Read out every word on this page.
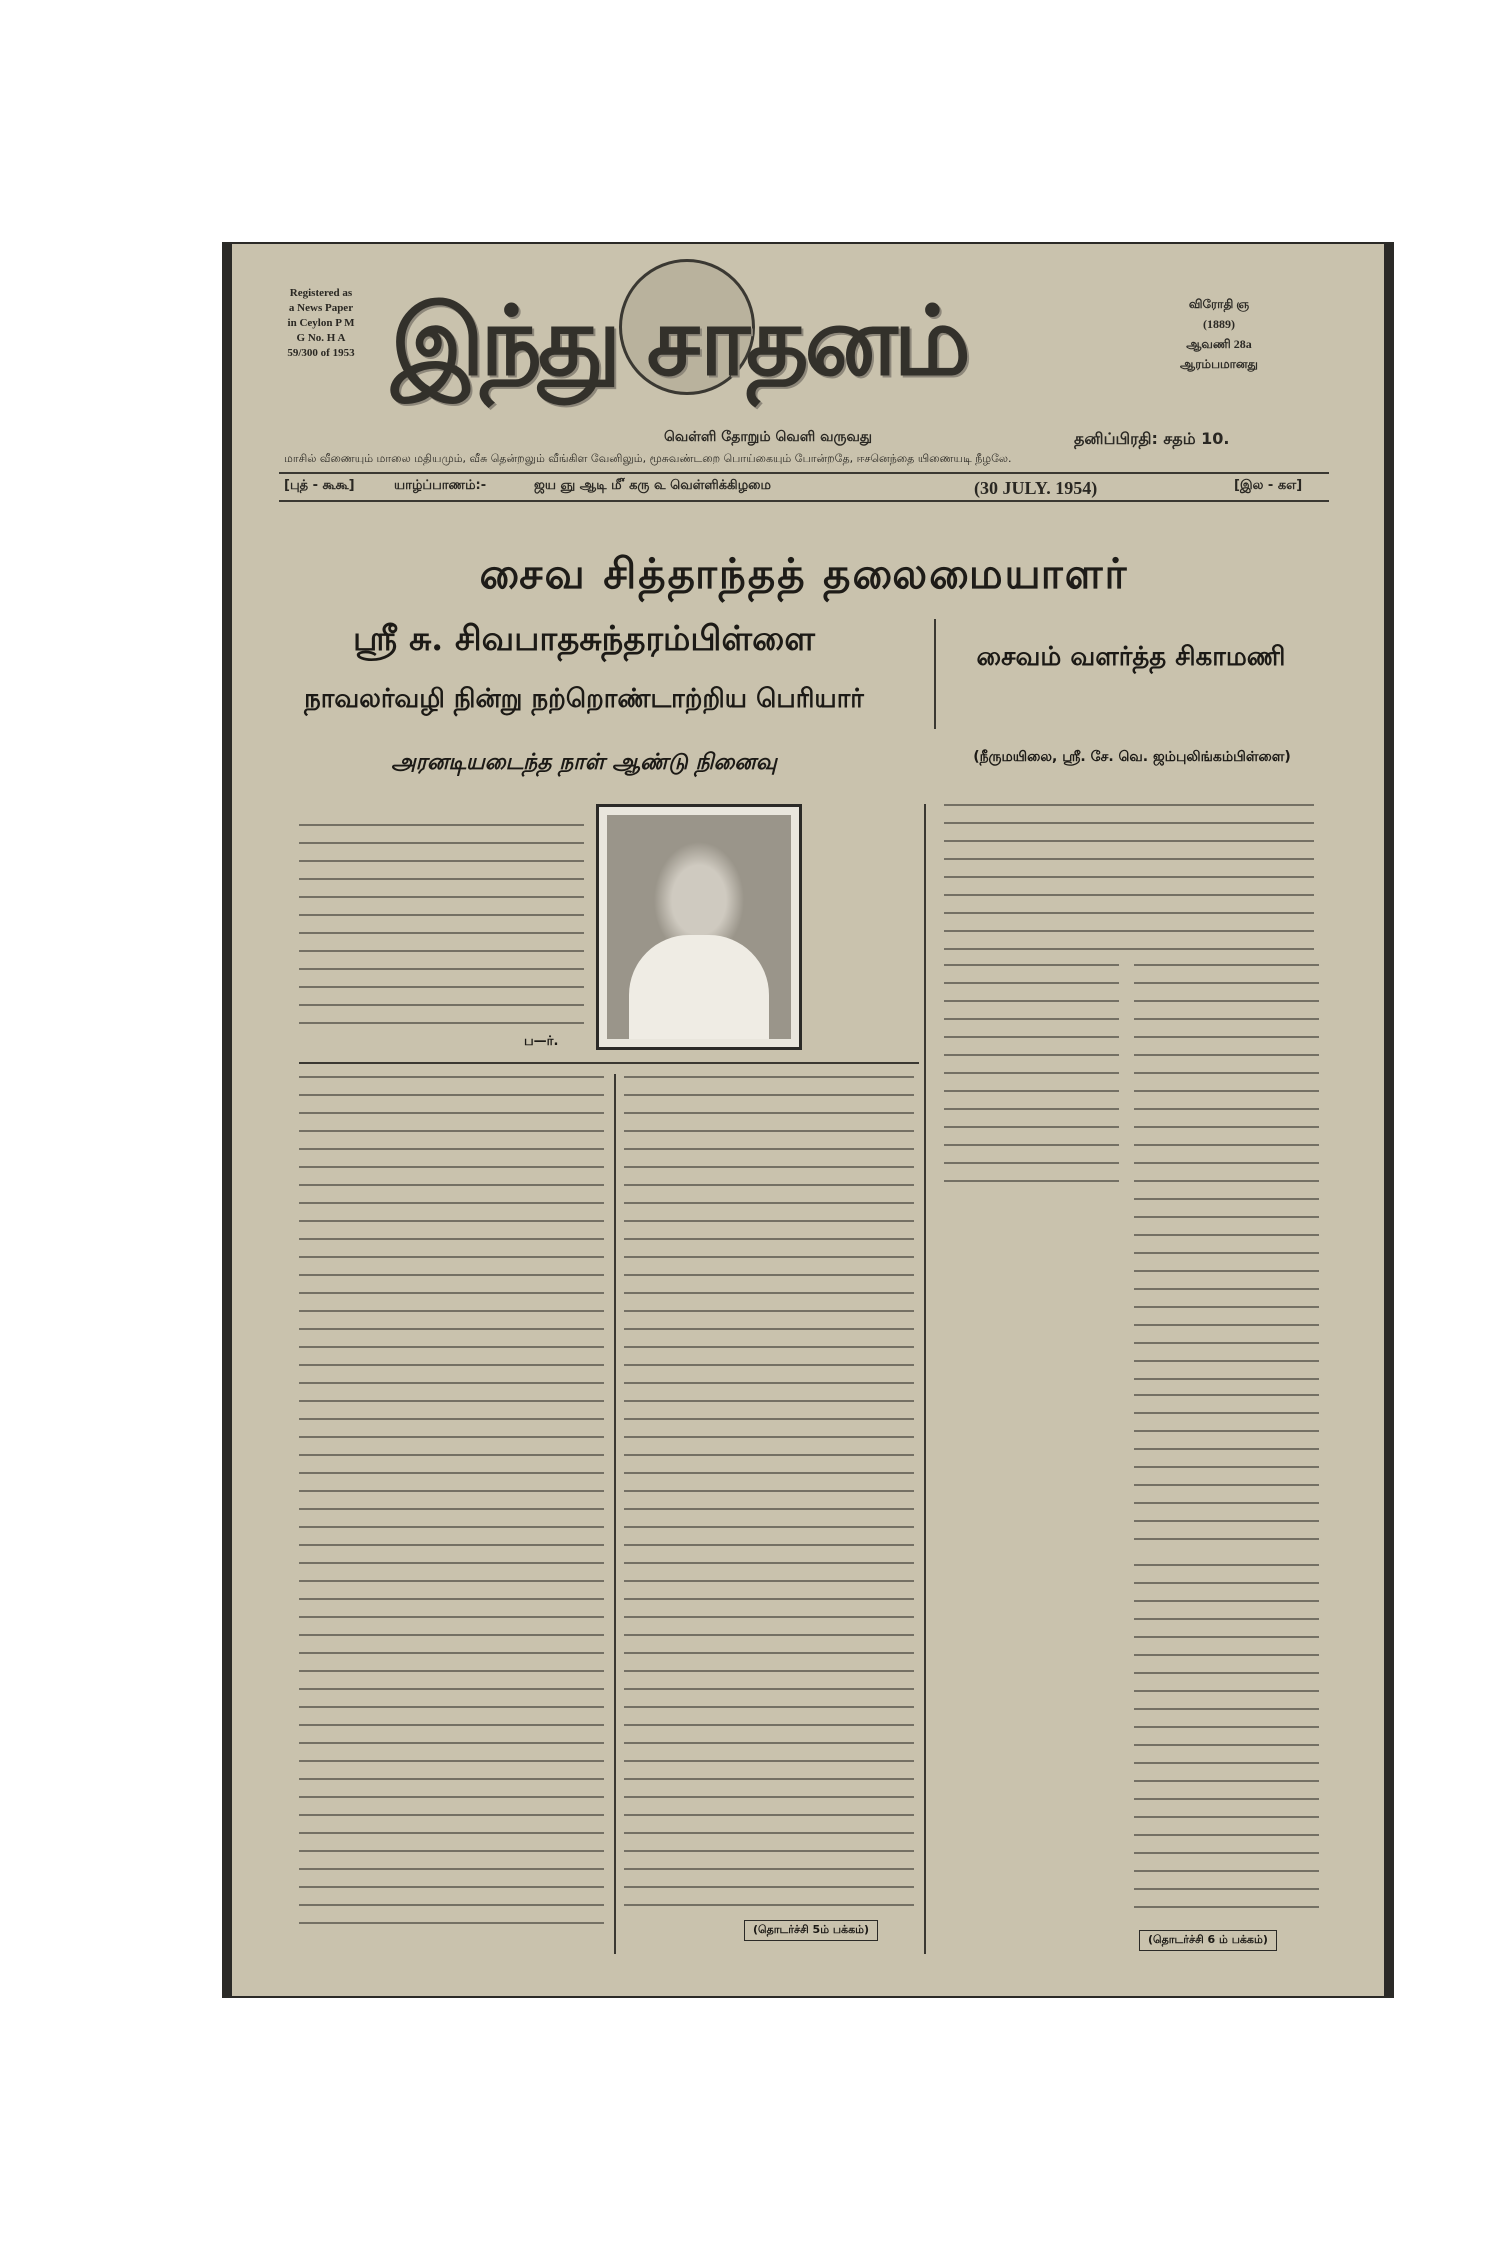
Registered as a News Paper in Ceylon P M G No. H A 59/300 of 1953 இந்து சாதனம்	விரோதி ஞ
(1889)
ஆவணி 28a
ஆரம்பமானது
வெள்ளி தோறும் வெளி வருவது	தனிப்பிரதி: சதம் 10.
மாசில் வீணையும் மாலை மதியமும், வீசு தென்றலும் வீங்கிள வேனிலும், மூசுவண்டறை பொய்கையும் போன்றதே, ஈசனெந்தை யிணையடி நீழலே.
[புத் - கூகூ]	யாழ்ப்பாணம்:-	ஜய ஞு ஆடி ௴ கரு ௳ வெள்ளிக்கிழமை	(30 JULY. 1954)	[இல - கஎ]
சைவ சித்தாந்தத் தலைமையாளர்
ஸ்ரீ சு. சிவபாதசுந்தரம்பிள்ளை
நாவலர்வழி நின்று நற்றொண்டாற்றிய பெரியார்
அரனடியடைந்த நாள் ஆண்டு நினைவு
சைவம் வளர்த்த சிகாமணி
(நீருமயிலை, ஸ்ரீ. சே. வெ. ஜம்புலிங்கம்பிள்ளை)
ப—ர்.
(தொடர்ச்சி 5ம் பக்கம்)
(தொடர்ச்சி 6 ம் பக்கம்)
